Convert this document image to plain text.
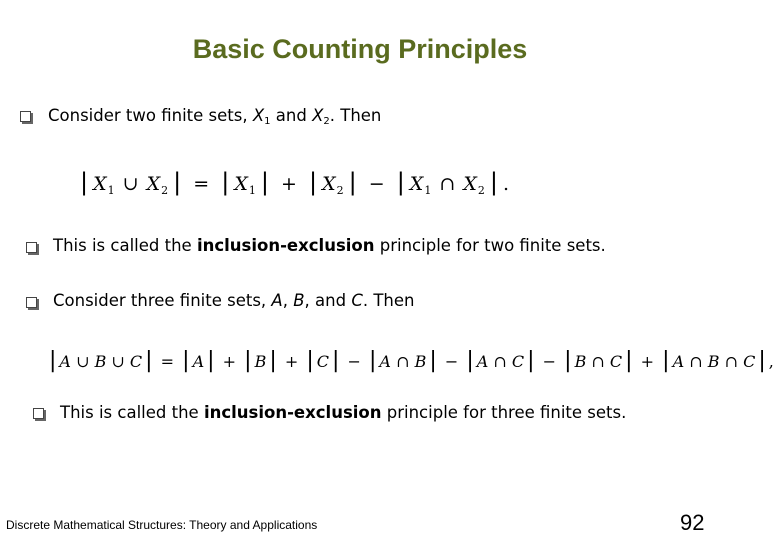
Basic Counting Principles
Consider two finite sets, $X_1$ and $X_2$. Then
| $X_1$ ∪ $X_2$ | = | $X_1$ | + | $X_2$ | − | $X_1$ ∩ $X_2$ | .
This is called the inclusion-exclusion principle for two finite sets.
Consider three finite sets, A, B, and C. Then
| A ∪ B ∪ C | = | A | + | B | + | C | − | A ∩ B | − | A ∩ C | − | B ∩ C | + | A ∩ B ∩ C | ,
This is called the inclusion-exclusion principle for three finite sets.
Discrete Mathematical Structures: Theory and Applications	92
